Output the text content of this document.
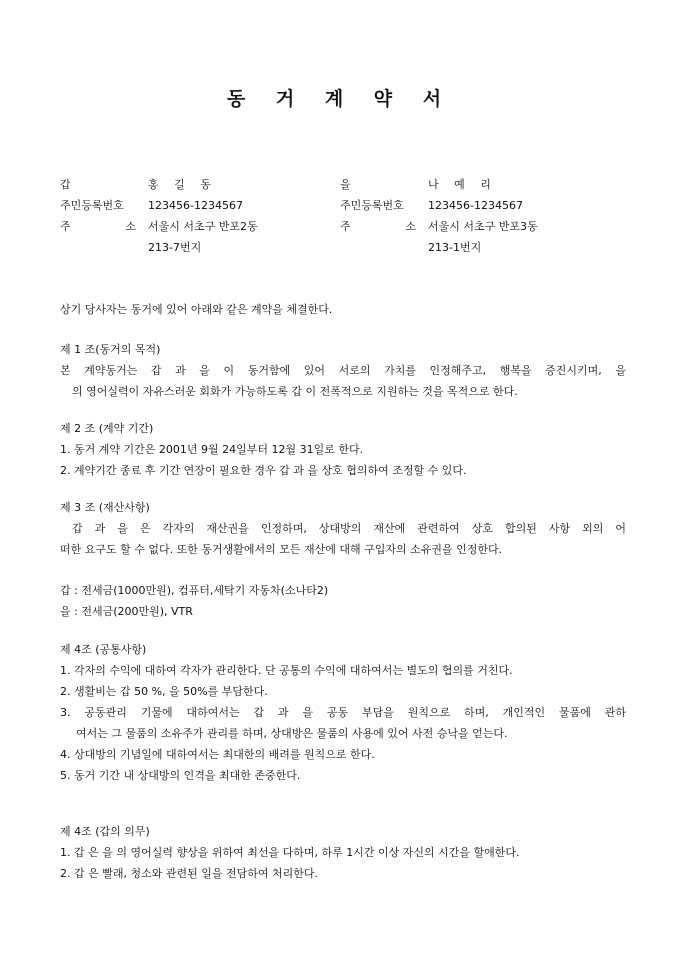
동 거 계 약 서
갑	홍 길 동
주민등록번호	123456-1234567
주	소 서울시 서초구 반포2동
213-7번지
을	나 예 리
주민등록번호	123456-1234567
주	소 서울시 서초구 반포3동
213-1번지

상기 당사자는 동거에 있어 아래와 같은 계약을 체결한다.

제 1 조(동거의 목적)

본 계약동거는 갑 과 을 이 동거함에 있어 서로의 가치를 인정해주고, 행복을 증진시키며, 을

의 영어실력이 자유스러운 회화가 가능하도록 갑 이 전폭적으로 지원하는 것을 목적으로 한다.

제 2 조 (계약 기간)

1. 동거 계약 기간은 2001년 9월 24일부터 12월 31일로 한다.

2. 계약기간 종료 후 기간 연장이 필요한 경우 갑 과 을 상호 협의하여 조정할 수 있다.

제 3 조 (재산사항)

갑 과 을 은 각자의 재산권을 인정하며, 상대방의 재산에 관련하여 상호 합의된 사항 외의 어

떠한 요구도 할 수 없다. 또한 동거생활에서의 모든 재산에 대해 구입자의 소유권을 인정한다.

갑 : 전세금(1000만원), 컴퓨터,세탁기 자동차(소나타2)

을 : 전세금(200만원), VTR

제 4조 (공통사항)

1. 각자의 수익에 대하여 각자가 관리한다. 단 공통의 수익에 대하여서는 별도의 협의를 거친다.

2. 생활비는 갑 50 %, 을 50%를 부담한다.

3. 공동관리 기물에 대하여서는 갑 과 을 공동 부담을 원칙으로 하며, 개인적인 물품에 관하

여서는 그 물품의 소유주가 관리를 하며, 상대방은 물품의 사용에 있어 사전 승낙을 얻는다.

4. 상대방의 기념일에 대하여서는 최대한의 배려를 원칙으로 한다.

5. 동거 기간 내 상대방의 인격을 최대한 존중한다.

제 4조 (갑의 의무)

1. 갑 은 을 의 영어실력 향상을 위하여 최선을 다하며, 하루 1시간 이상 자신의 시간을 할애한다.

2. 갑 은 빨래, 청소와 관련된 일을 전담하여 처리한다.
